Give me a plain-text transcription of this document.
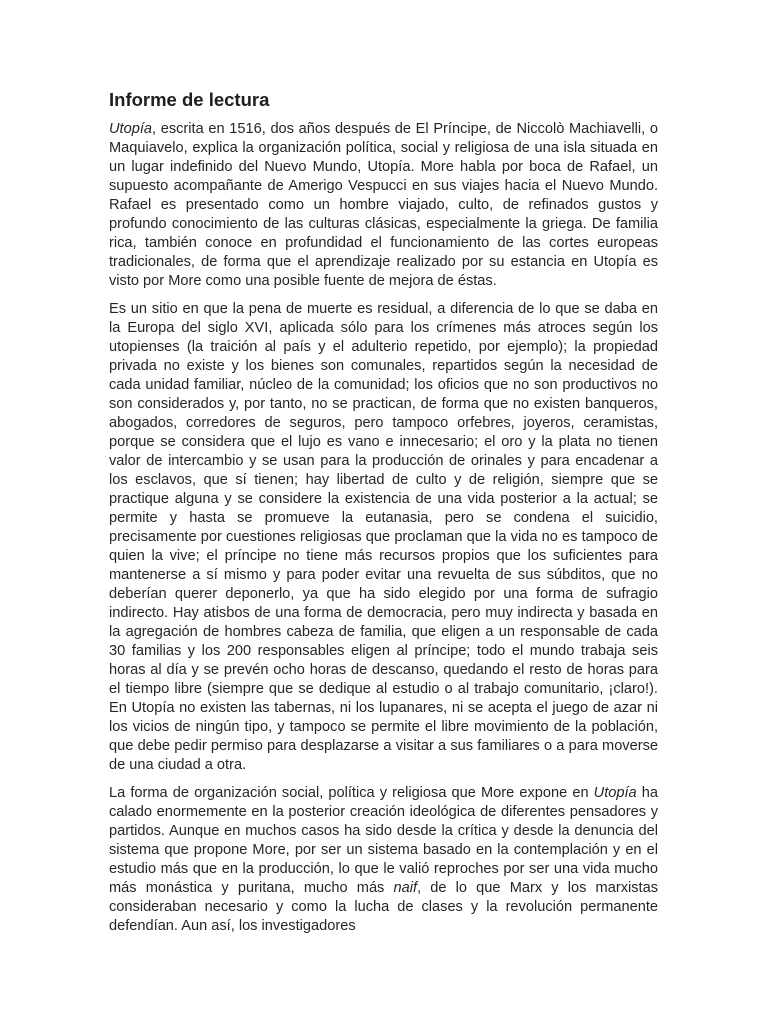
Informe de lectura

Utopía, escrita en 1516, dos años después de El Príncipe, de Niccolò Machiavelli, o Maquiavelo, explica la organización política, social y religiosa de una isla situada en un lugar indefinido del Nuevo Mundo, Utopía. More habla por boca de Rafael, un supuesto acompañante de Amerigo Vespucci en sus viajes hacia el Nuevo Mundo. Rafael es presentado como un hombre viajado, culto, de refinados gustos y profundo conocimiento de las culturas clásicas, especialmente la griega. De familia rica, también conoce en profundidad el funcionamiento de las cortes europeas tradicionales, de forma que el aprendizaje realizado por su estancia en Utopía es visto por More como una posible fuente de mejora de éstas.

Es un sitio en que la pena de muerte es residual, a diferencia de lo que se daba en la Europa del siglo XVI, aplicada sólo para los crímenes más atroces según los utopienses (la traición al país y el adulterio repetido, por ejemplo); la propiedad privada no existe y los bienes son comunales, repartidos según la necesidad de cada unidad familiar, núcleo de la comunidad; los oficios que no son productivos no son considerados y, por tanto, no se practican, de forma que no existen banqueros, abogados, corredores de seguros, pero tampoco orfebres, joyeros, ceramistas, porque se considera que el lujo es vano e innecesario; el oro y la plata no tienen valor de intercambio y se usan para la producción de orinales y para encadenar a los esclavos, que sí tienen; hay libertad de culto y de religión, siempre que se practique alguna y se considere la existencia de una vida posterior a la actual; se permite y hasta se promueve la eutanasia, pero se condena el suicidio, precisamente por cuestiones religiosas que proclaman que la vida no es tampoco de quien la vive; el príncipe no tiene más recursos propios que los suficientes para mantenerse a sí mismo y para poder evitar una revuelta de sus súbditos, que no deberían querer deponerlo, ya que ha sido elegido por una forma de sufragio indirecto. Hay atisbos de una forma de democracia, pero muy indirecta y basada en la agregación de hombres cabeza de familia, que eligen a un responsable de cada 30 familias y los 200 responsables eligen al príncipe; todo el mundo trabaja seis horas al día y se prevén ocho horas de descanso, quedando el resto de horas para el tiempo libre (siempre que se dedique al estudio o al trabajo comunitario, ¡claro!). En Utopía no existen las tabernas, ni los lupanares, ni se acepta el juego de azar ni los vicios de ningún tipo, y tampoco se permite el libre movimiento de la población, que debe pedir permiso para desplazarse a visitar a sus familiares o a para moverse de una ciudad a otra.

La forma de organización social, política y religiosa que More expone en Utopía ha calado enormemente en la posterior creación ideológica de diferentes pensadores y partidos. Aunque en muchos casos ha sido desde la crítica y desde la denuncia del sistema que propone More, por ser un sistema basado en la contemplación y en el estudio más que en la producción, lo que le valió reproches por ser una vida mucho más monástica y puritana, mucho más naif, de lo que Marx y los marxistas consideraban necesario y como la lucha de clases y la revolución permanente defendían. Aun así, los investigadores
